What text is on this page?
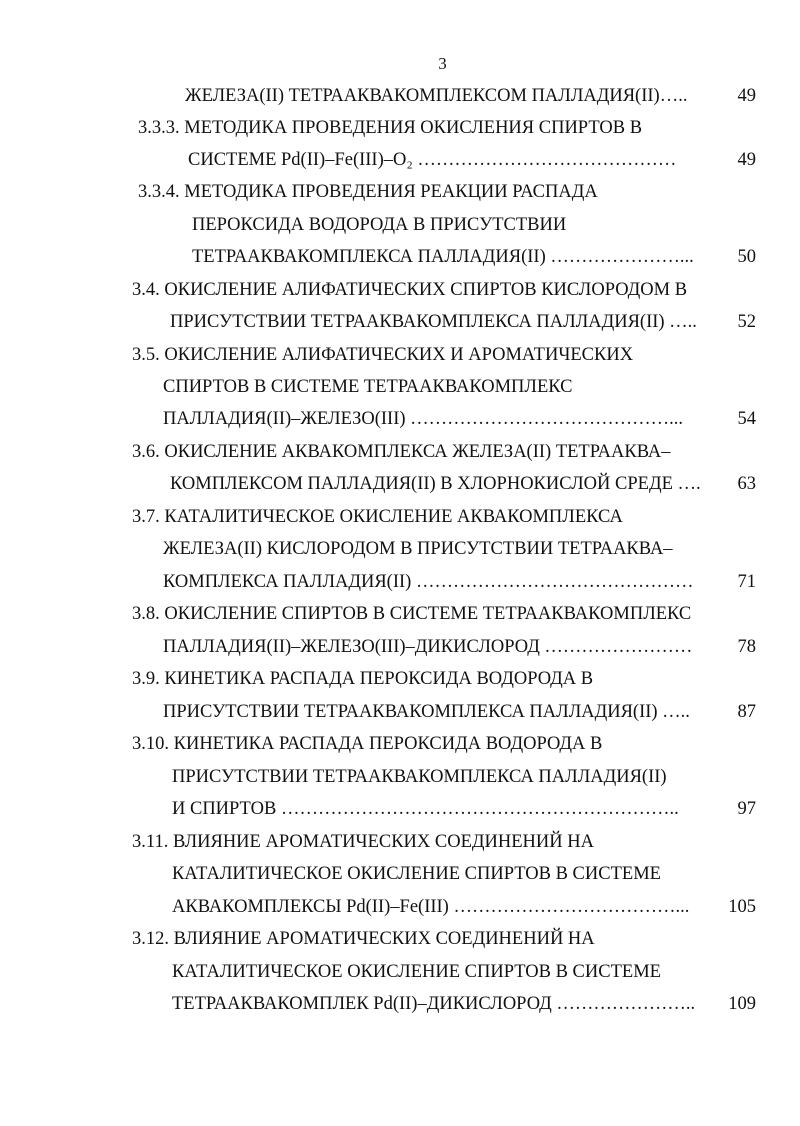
3
ЖЕЛЕЗА(II) ТЕТРААКВАКОМПЛЕКСОМ ПАЛЛАДИЯ(II)…..	49
3.3.3. МЕТОДИКА ПРОВЕДЕНИЯ ОКИСЛЕНИЯ СПИРТОВ В
СИСТЕМЕ Pd(II)–Fe(III)–O₂ ……………………………………	49
3.3.4. МЕТОДИКА ПРОВЕДЕНИЯ РЕАКЦИИ РАСПАДА
ПЕРОКСИДА ВОДОРОДА В ПРИСУТСТВИИ
ТЕТРААКВАКОМПЛЕКСА ПАЛЛАДИЯ(II) …………………... 50
3.4. ОКИСЛЕНИЕ АЛИФАТИЧЕСКИХ СПИРТОВ КИСЛОРОДОМ В
ПРИСУТСТВИИ ТЕТРААКВАКОМПЛЕКСА ПАЛЛАДИЯ(II) ….. 52
3.5. ОКИСЛЕНИЕ АЛИФАТИЧЕСКИХ И АРОМАТИЧЕСКИХ
СПИРТОВ В СИСТЕМЕ ТЕТРААКВАКОМПЛЕКС
ПАЛЛАДИЯ(II)–ЖЕЛЕЗО(III) ……………………………………...	54
3.6. ОКИСЛЕНИЕ АКВАКОМПЛЕКСА ЖЕЛЕЗА(II) ТЕТРААКВА–
КОМПЛЕКСОМ ПАЛЛАДИЯ(II) В ХЛОРНОКИСЛОЙ СРЕДЕ …. 63
3.7. КАТАЛИТИЧЕСКОЕ ОКИСЛЕНИЕ АКВАКОМПЛЕКСА
ЖЕЛЕЗА(II) КИСЛОРОДОМ В ПРИСУТСТВИИ ТЕТРААКВА–
КОМПЛЕКСА ПАЛЛАДИЯ(II) ……………………………………… 71
3.8. ОКИСЛЕНИЕ СПИРТОВ В СИСТЕМЕ ТЕТРААКВАКОМПЛЕКС
ПАЛЛАДИЯ(II)–ЖЕЛЕЗО(III)–ДИКИСЛОРОД …………………… 78
3.9. КИНЕТИКА РАСПАДА ПЕРОКСИДА ВОДОРОДА В
ПРИСУТСТВИИ ТЕТРААКВАКОМПЛЕКСА ПАЛЛАДИЯ(II) …..	87
3.10. КИНЕТИКА РАСПАДА ПЕРОКСИДА ВОДОРОДА В
ПРИСУТСТВИИ ТЕТРААКВАКОМПЛЕКСА ПАЛЛАДИЯ(II)
И СПИРТОВ ………………………………………………………..	97
3.11. ВЛИЯНИЕ АРОМАТИЧЕСКИХ СОЕДИНЕНИЙ НА
КАТАЛИТИЧЕСКОЕ ОКИСЛЕНИЕ СПИРТОВ В СИСТЕМЕ
АКВАКОМПЛЕКСЫ Pd(II)–Fe(III) ………………………………... 105
3.12. ВЛИЯНИЕ АРОМАТИЧЕСКИХ СОЕДИНЕНИЙ НА
КАТАЛИТИЧЕСКОЕ ОКИСЛЕНИЕ СПИРТОВ В СИСТЕМЕ
ТЕТРААКВАКОМПЛЕК Pd(II)–ДИКИСЛОРОД ………………….. 109
